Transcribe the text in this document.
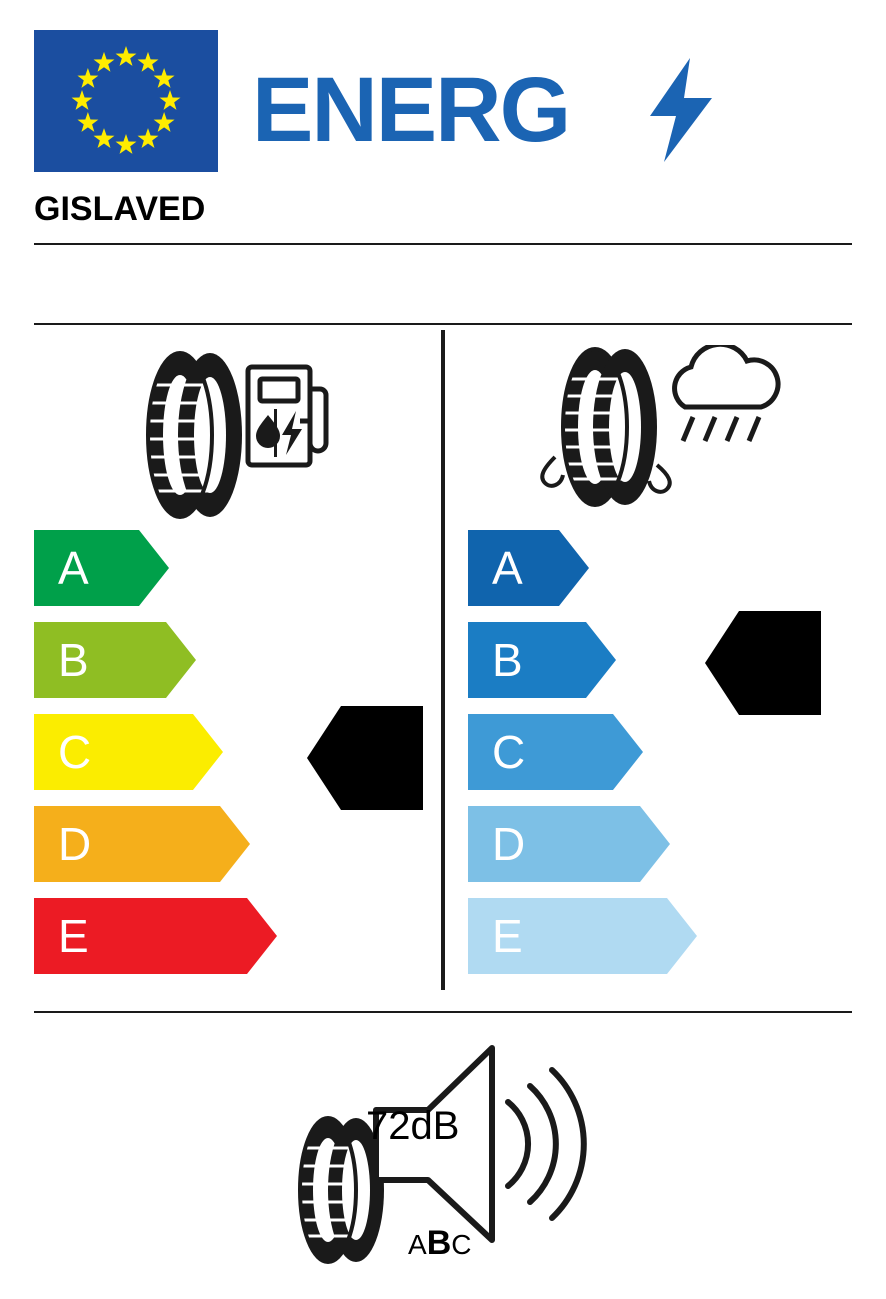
ENERG
GISLAVED
A
B
C
D
E
A
B
C
D
E
C
B
72dB
ABC
